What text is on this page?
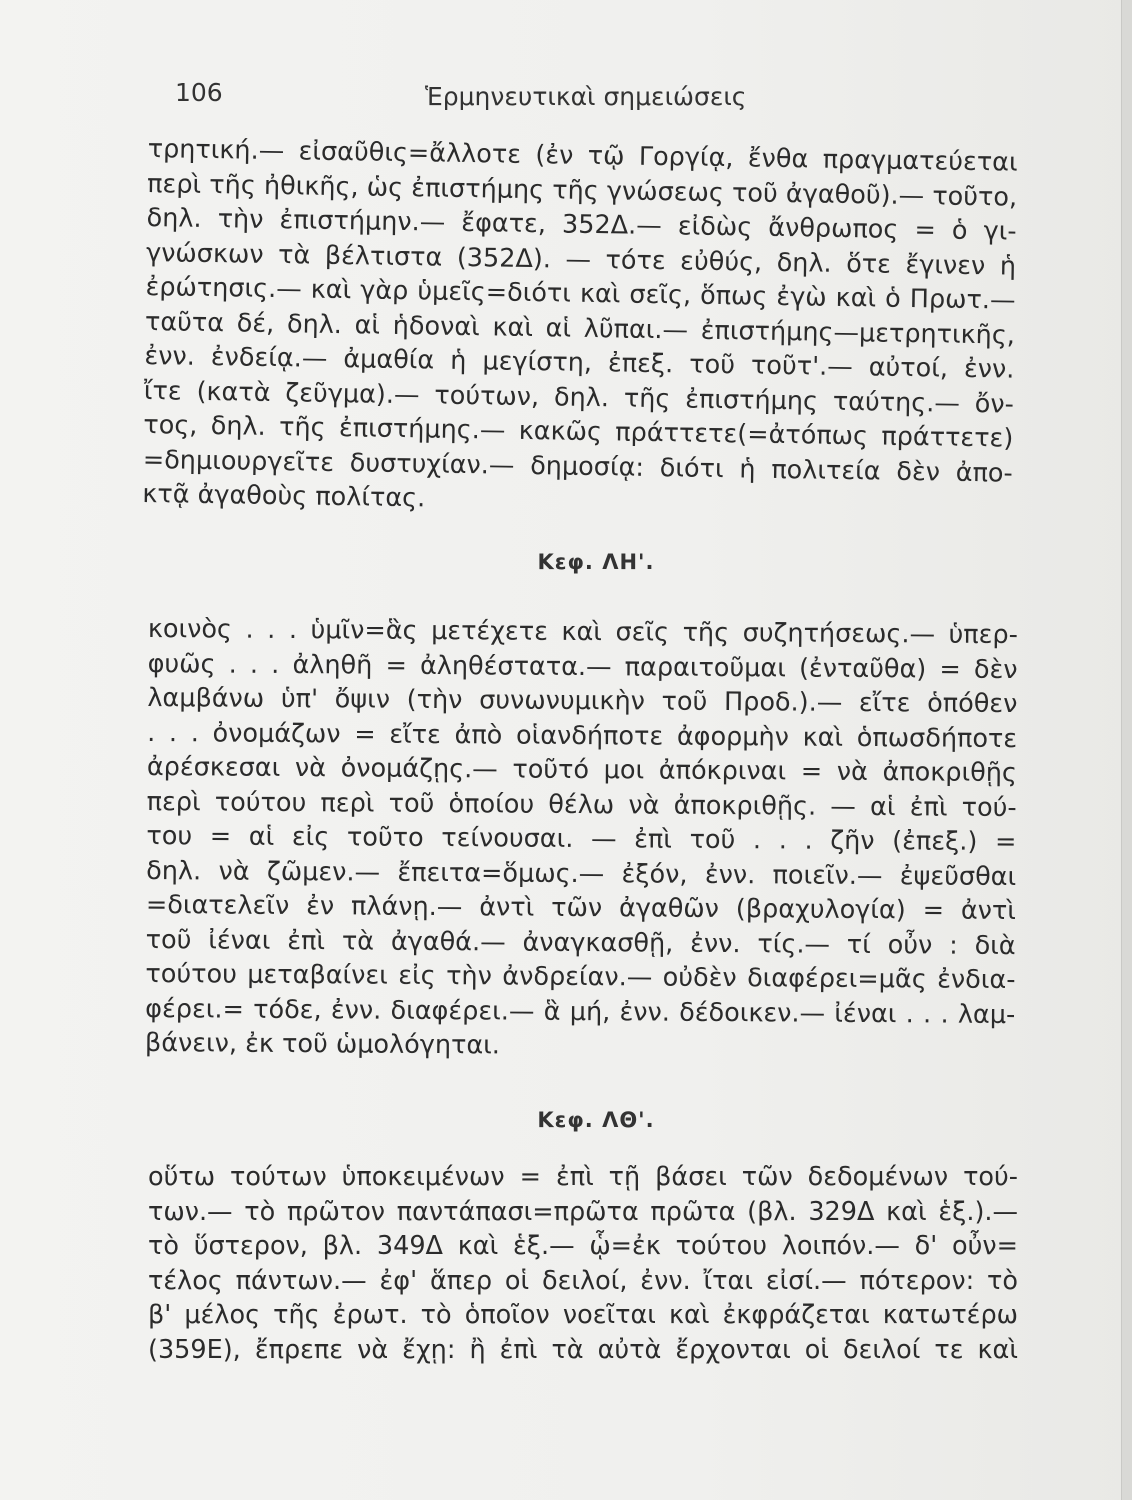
106	Ἑρμηνευτικαὶ σημειώσεις
τρητική.— εἰσαῦθις=ἄλλοτε (ἐν τῷ Γοργίᾳ, ἔνθα πραγματεύεται
περὶ τῆς ἠθικῆς, ὡς ἐπιστήμης τῆς γνώσεως τοῦ ἀγαθοῦ).— τοῦτο,
δηλ. τὴν ἐπιστήμην.— ἔφατε, 352Δ.— εἰδὼς ἄνθρωπος = ὁ γι-
γνώσκων τὰ βέλτιστα (352Δ). — τότε εὐθύς, δηλ. ὅτε ἔγινεν ἡ
ἐρώτησις.— καὶ γὰρ ὑμεῖς=διότι καὶ σεῖς, ὅπως ἐγὼ καὶ ὁ Πρωτ.—
ταῦτα δέ, δηλ. αἱ ἡδοναὶ καὶ αἱ λῦπαι.— ἐπιστήμης—μετρητικῆς,
ἐνν. ἐνδείᾳ.— ἀμαθία ἡ μεγίστη, ἐπεξ. τοῦ τοῦτ'.— αὐτοί, ἐνν.
ἴτε (κατὰ ζεῦγμα).— τούτων, δηλ. τῆς ἐπιστήμης ταύτης.— ὄν-
τος, δηλ. τῆς ἐπιστήμης.— κακῶς πράττετε(=ἀτόπως πράττετε)
=δημιουργεῖτε δυστυχίαν.— δημοσίᾳ: διότι ἡ πολιτεία δὲν ἀπο-
κτᾷ ἀγαθοὺς πολίτας.
Κεφ. ΛΗ'.
κοινὸς . . . ὑμῖν=ἃς μετέχετε καὶ σεῖς τῆς συζητήσεως.— ὑπερ-
φυῶς . . . ἀληθῆ = ἀληθέστατα.— παραιτοῦμαι (ἐνταῦθα) = δὲν
λαμβάνω ὑπ' ὄψιν (τὴν συνωνυμικὴν τοῦ Προδ.).— εἴτε ὁπόθεν
. . . ὀνομάζων = εἴτε ἀπὸ οἱανδήποτε ἀφορμὴν καὶ ὁπωσδήποτε
ἀρέσκεσαι νὰ ὀνομάζῃς.— τοῦτό μοι ἀπόκριναι = νὰ ἀποκριθῇς
περὶ τούτου περὶ τοῦ ὁποίου θέλω νὰ ἀποκριθῇς. — αἱ ἐπὶ τού-
του = αἱ εἰς τοῦτο τείνουσαι. — ἐπὶ τοῦ . . . ζῆν (ἐπεξ.) =
δηλ. νὰ ζῶμεν.— ἔπειτα=ὅμως.— ἐξόν, ἐνν. ποιεῖν.— ἐψεῦσθαι
=διατελεῖν ἐν πλάνῃ.— ἀντὶ τῶν ἀγαθῶν (βραχυλογία) = ἀντὶ
τοῦ ἰέναι ἐπὶ τὰ ἀγαθά.— ἀναγκασθῇ, ἐνν. τίς.— τί οὖν : διὰ
τούτου μεταβαίνει εἰς τὴν ἀνδρείαν.— οὐδὲν διαφέρει=μᾶς ἐνδια-
φέρει.= τόδε, ἐνν. διαφέρει.— ἃ μή, ἐνν. δέδοικεν.— ἰέναι . . . λαμ-
βάνειν, ἐκ τοῦ ὡμολόγηται.
Κεφ. ΛΘ'.
οὕτω τούτων ὑποκειμένων = ἐπὶ τῇ βάσει τῶν δεδομένων τού-
των.— τὸ πρῶτον παντάπασι=πρῶτα πρῶτα (βλ. 329Δ καὶ ἑξ.).—
τὸ ὕστερον, βλ. 349Δ καὶ ἑξ.— ᾧ=ἐκ τούτου λοιπόν.— δ' οὖν=
τέλος πάντων.— ἐφ' ἅπερ οἱ δειλοί, ἐνν. ἴται εἰσί.— πότερον: τὸ
β' μέλος τῆς ἐρωτ. τὸ ὁποῖον νοεῖται καὶ ἐκφράζεται κατωτέρω
(359Ε), ἔπρεπε νὰ ἔχῃ: ἢ ἐπὶ τὰ αὐτὰ ἔρχονται οἱ δειλοί τε καὶ
